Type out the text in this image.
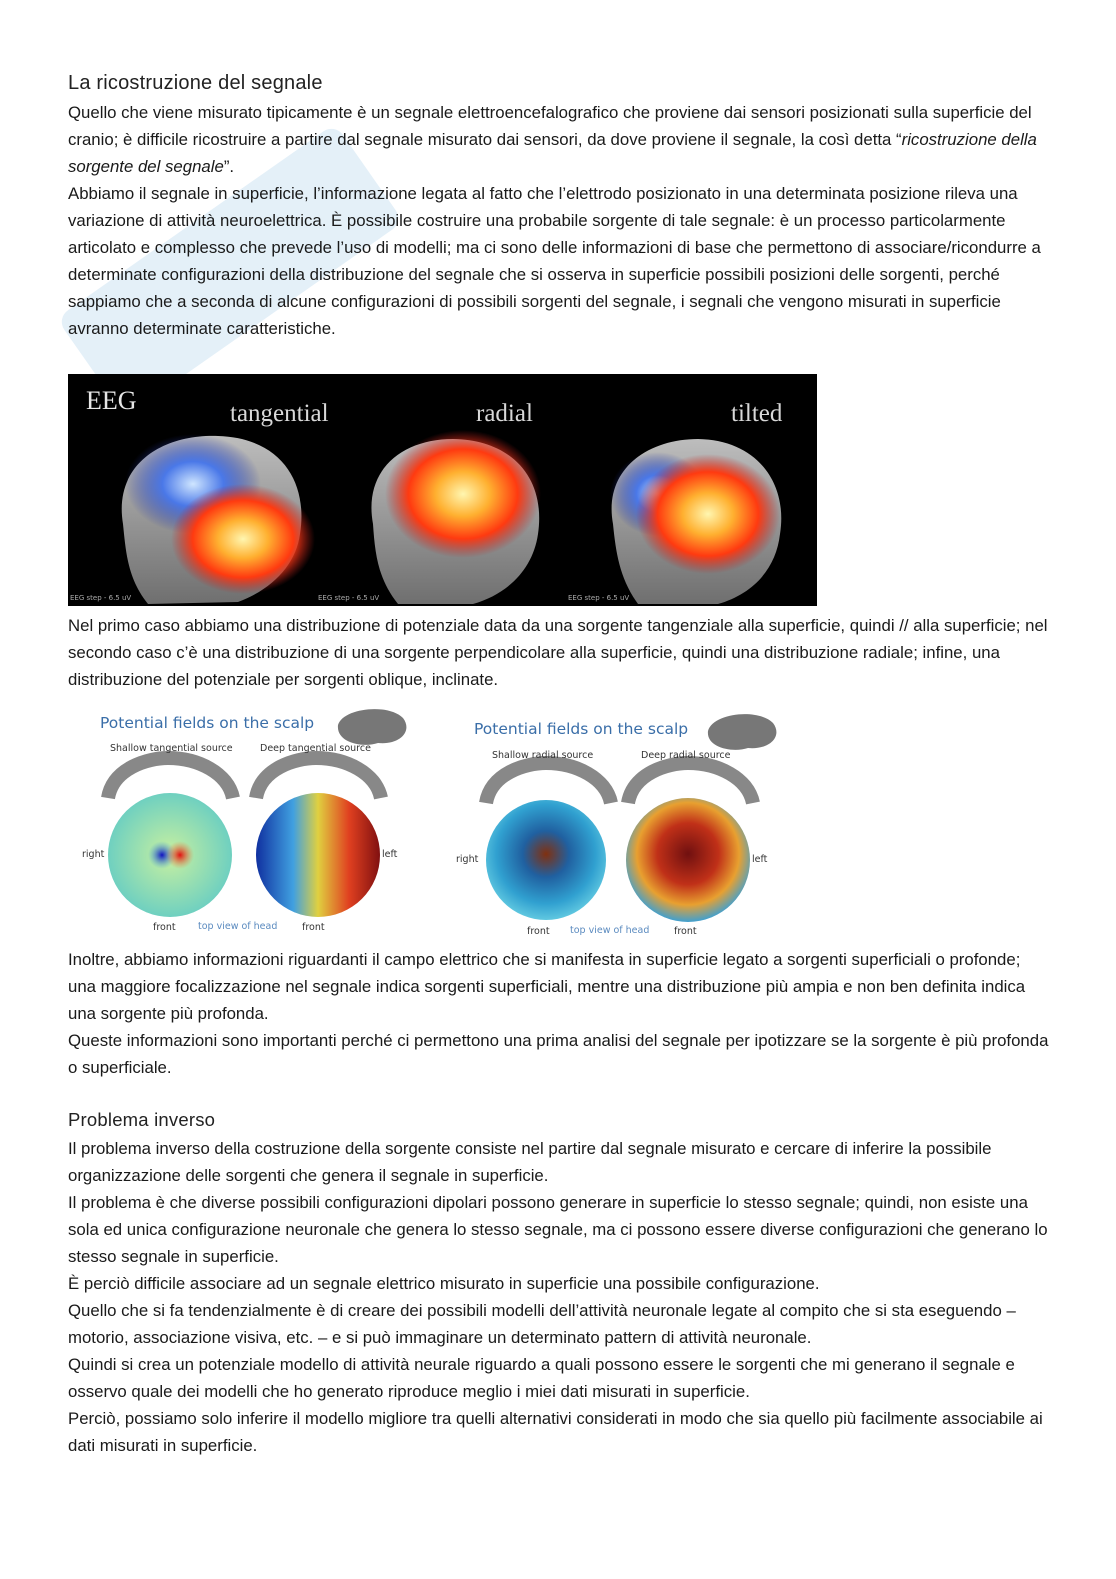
La ricostruzione del segnale

Quello che viene misurato tipicamente è un segnale elettroencefalografico che proviene dai sensori posizionati sulla superficie del cranio; è difficile ricostruire a partire dal segnale misurato dai sensori, da dove proviene il segnale, la così detta “ricostruzione della sorgente del segnale”.

Abbiamo il segnale in superficie, l’informazione legata al fatto che l’elettrodo posizionato in una determinata posizione rileva una variazione di attività neuroelettrica. È possibile costruire una probabile sorgente di tale segnale: è un processo particolarmente articolato e complesso che prevede l’uso di modelli; ma ci sono delle informazioni di base che permettono di associare/ricondurre a determinate configurazioni della distribuzione del segnale che si osserva in superficie possibili posizioni delle sorgenti, perché sappiamo che a seconda di alcune configurazioni di possibili sorgenti del segnale, i segnali che vengono misurati in superficie avranno determinate caratteristiche.

EEG	tangential	radial	tilted
EEG step - 6.5 uV	EEG step - 6.5 uV	EEG step - 6.5 uV

Nel primo caso abbiamo una distribuzione di potenziale data da una sorgente tangenziale alla superficie, quindi // alla superficie; nel secondo caso c’è una distribuzione di una sorgente perpendicolare alla superficie, quindi una distribuzione radiale; infine, una distribuzione del potenziale per sorgenti oblique, inclinate.

Potential fields on the scalp	Potential fields on the scalp
Shallow tangential source	Deep tangential source
Shallow radial source	Deep radial source
right	left	right	left
front top view of head	front	front top view of head	front

Inoltre, abbiamo informazioni riguardanti il campo elettrico che si manifesta in superficie legato a sorgenti superficiali o profonde; una maggiore focalizzazione nel segnale indica sorgenti superficiali, mentre una distribuzione più ampia e non ben definita indica una sorgente più profonda.

Queste informazioni sono importanti perché ci permettono una prima analisi del segnale per ipotizzare se la sorgente è più profonda o superficiale.

Problema inverso

Il problema inverso della costruzione della sorgente consiste nel partire dal segnale misurato e cercare di inferire la possibile organizzazione delle sorgenti che genera il segnale in superficie.

Il problema è che diverse possibili configurazioni dipolari possono generare in superficie lo stesso segnale; quindi, non esiste una sola ed unica configurazione neuronale che genera lo stesso segnale, ma ci possono essere diverse configurazioni che generano lo stesso segnale in superficie.

È perciò difficile associare ad un segnale elettrico misurato in superficie una possibile configurazione.

Quello che si fa tendenzialmente è di creare dei possibili modelli dell’attività neuronale legate al compito che si sta eseguendo – motorio, associazione visiva, etc. – e si può immaginare un determinato pattern di attività neuronale.

Quindi si crea un potenziale modello di attività neurale riguardo a quali possono essere le sorgenti che mi generano il segnale e osservo quale dei modelli che ho generato riproduce meglio i miei dati misurati in superficie.

Perciò, possiamo solo inferire il modello migliore tra quelli alternativi considerati in modo che sia quello più facilmente associabile ai dati misurati in superficie.
